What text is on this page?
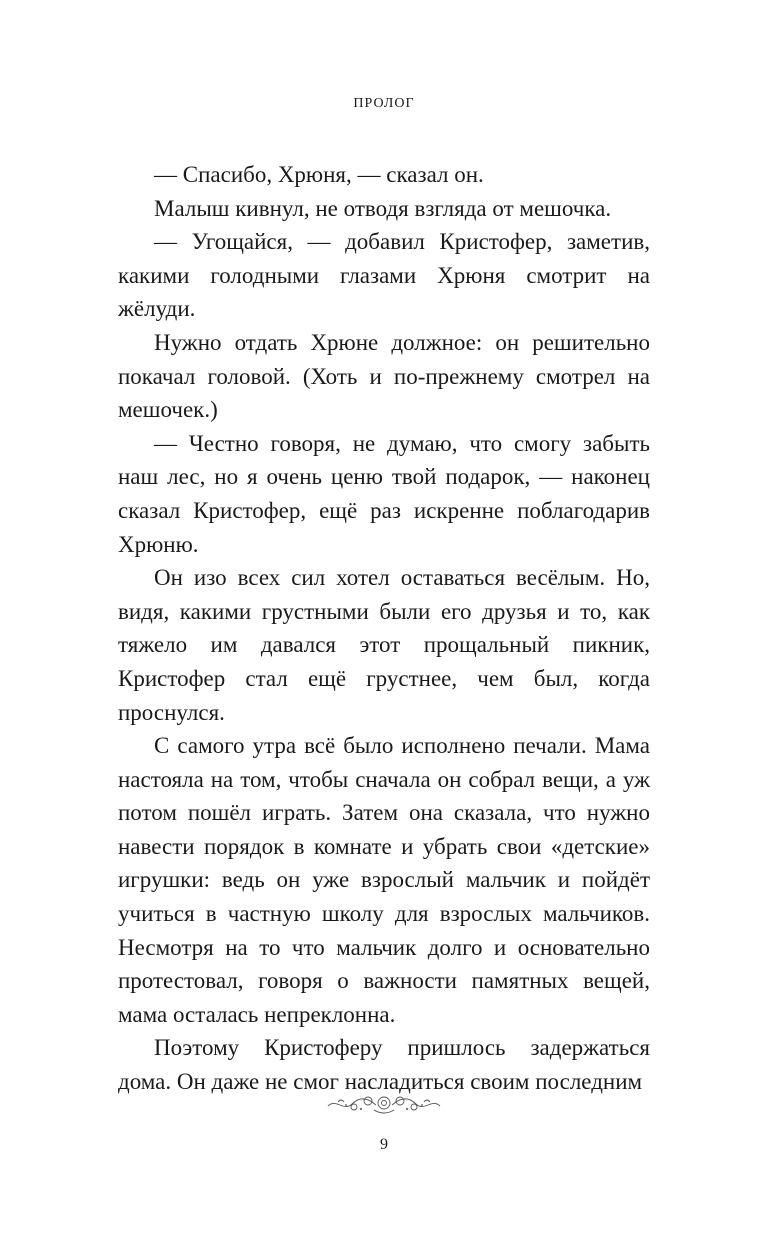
ПРОЛОГ

— Спасибо, Хрюня, — сказал он.

Малыш кивнул, не отводя взгляда от мешочка.

— Угощайся, — добавил Кристофер, заметив, какими голодными глазами Хрюня смотрит на жёлуди.

Нужно отдать Хрюне должное: он решительно покачал головой. (Хоть и по-прежнему смотрел на мешочек.)

— Честно говоря, не думаю, что смогу забыть наш лес, но я очень ценю твой подарок, — наконец сказал Кристофер, ещё раз искренне поблагодарив Хрюню.

Он изо всех сил хотел оставаться весёлым. Но, видя, какими грустными были его друзья и то, как тяжело им давался этот прощальный пикник, Кристофер стал ещё грустнее, чем был, когда проснулся.

С самого утра всё было исполнено печали. Мама настояла на том, чтобы сначала он собрал вещи, а уж потом пошёл играть. Затем она сказала, что нужно навести порядок в комнате и убрать свои «детские» игрушки: ведь он уже взрослый мальчик и пойдёт учиться в частную школу для взрослых мальчиков. Несмотря на то что мальчик долго и основательно протестовал, говоря о важности памятных вещей, мама осталась непреклонна.

Поэтому Кристоферу пришлось задержаться дома. Он даже не смог насладиться своим последним

9
